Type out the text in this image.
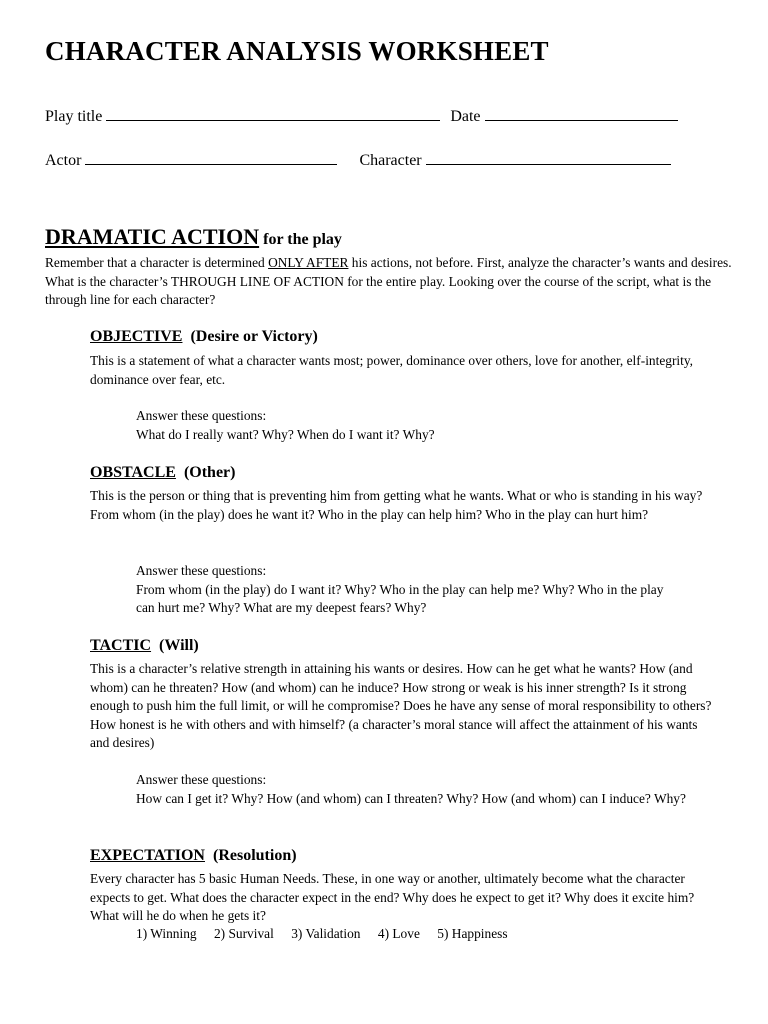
CHARACTER ANALYSIS WORKSHEET
Play title	Date
Actor	Character
DRAMATIC ACTION for the play

Remember that a character is determined ONLY AFTER his actions, not before. First, analyze the character’s wants and desires. What is the character’s THROUGH LINE OF ACTION for the entire play. Looking over the course of the script, what is the through line for each character?

OBJECTIVE (Desire or Victory)

This is a statement of what a character wants most; power, dominance over others, love for another, elf-integrity, dominance over fear, etc.

Answer these questions:
What do I really want? Why? When do I want it? Why?

OBSTACLE (Other)

This is the person or thing that is preventing him from getting what he wants. What or who is standing in his way? From whom (in the play) does he want it? Who in the play can help him? Who in the play can hurt him?

Answer these questions:
From whom (in the play) do I want it? Why? Who in the play can help me? Why? Who in the play can hurt me? Why? What are my deepest fears? Why?

TACTIC (Will)

This is a character’s relative strength in attaining his wants or desires. How can he get what he wants? How (and whom) can he threaten? How (and whom) can he induce? How strong or weak is his inner strength? Is it strong enough to push him the full limit, or will he compromise? Does he have any sense of moral responsibility to others? How honest is he with others and with himself? (a character’s moral stance will affect the attainment of his wants and desires)

Answer these questions:
How can I get it? Why? How (and whom) can I threaten? Why? How (and whom) can I induce? Why?

EXPECTATION (Resolution)

Every character has 5 basic Human Needs. These, in one way or another, ultimately become what the character expects to get. What does the character expect in the end? Why does he expect to get it? Why does it excite him? What will he do when he gets it?

1) Winning 2) Survival 3) Validation 4) Love 5) Happiness
